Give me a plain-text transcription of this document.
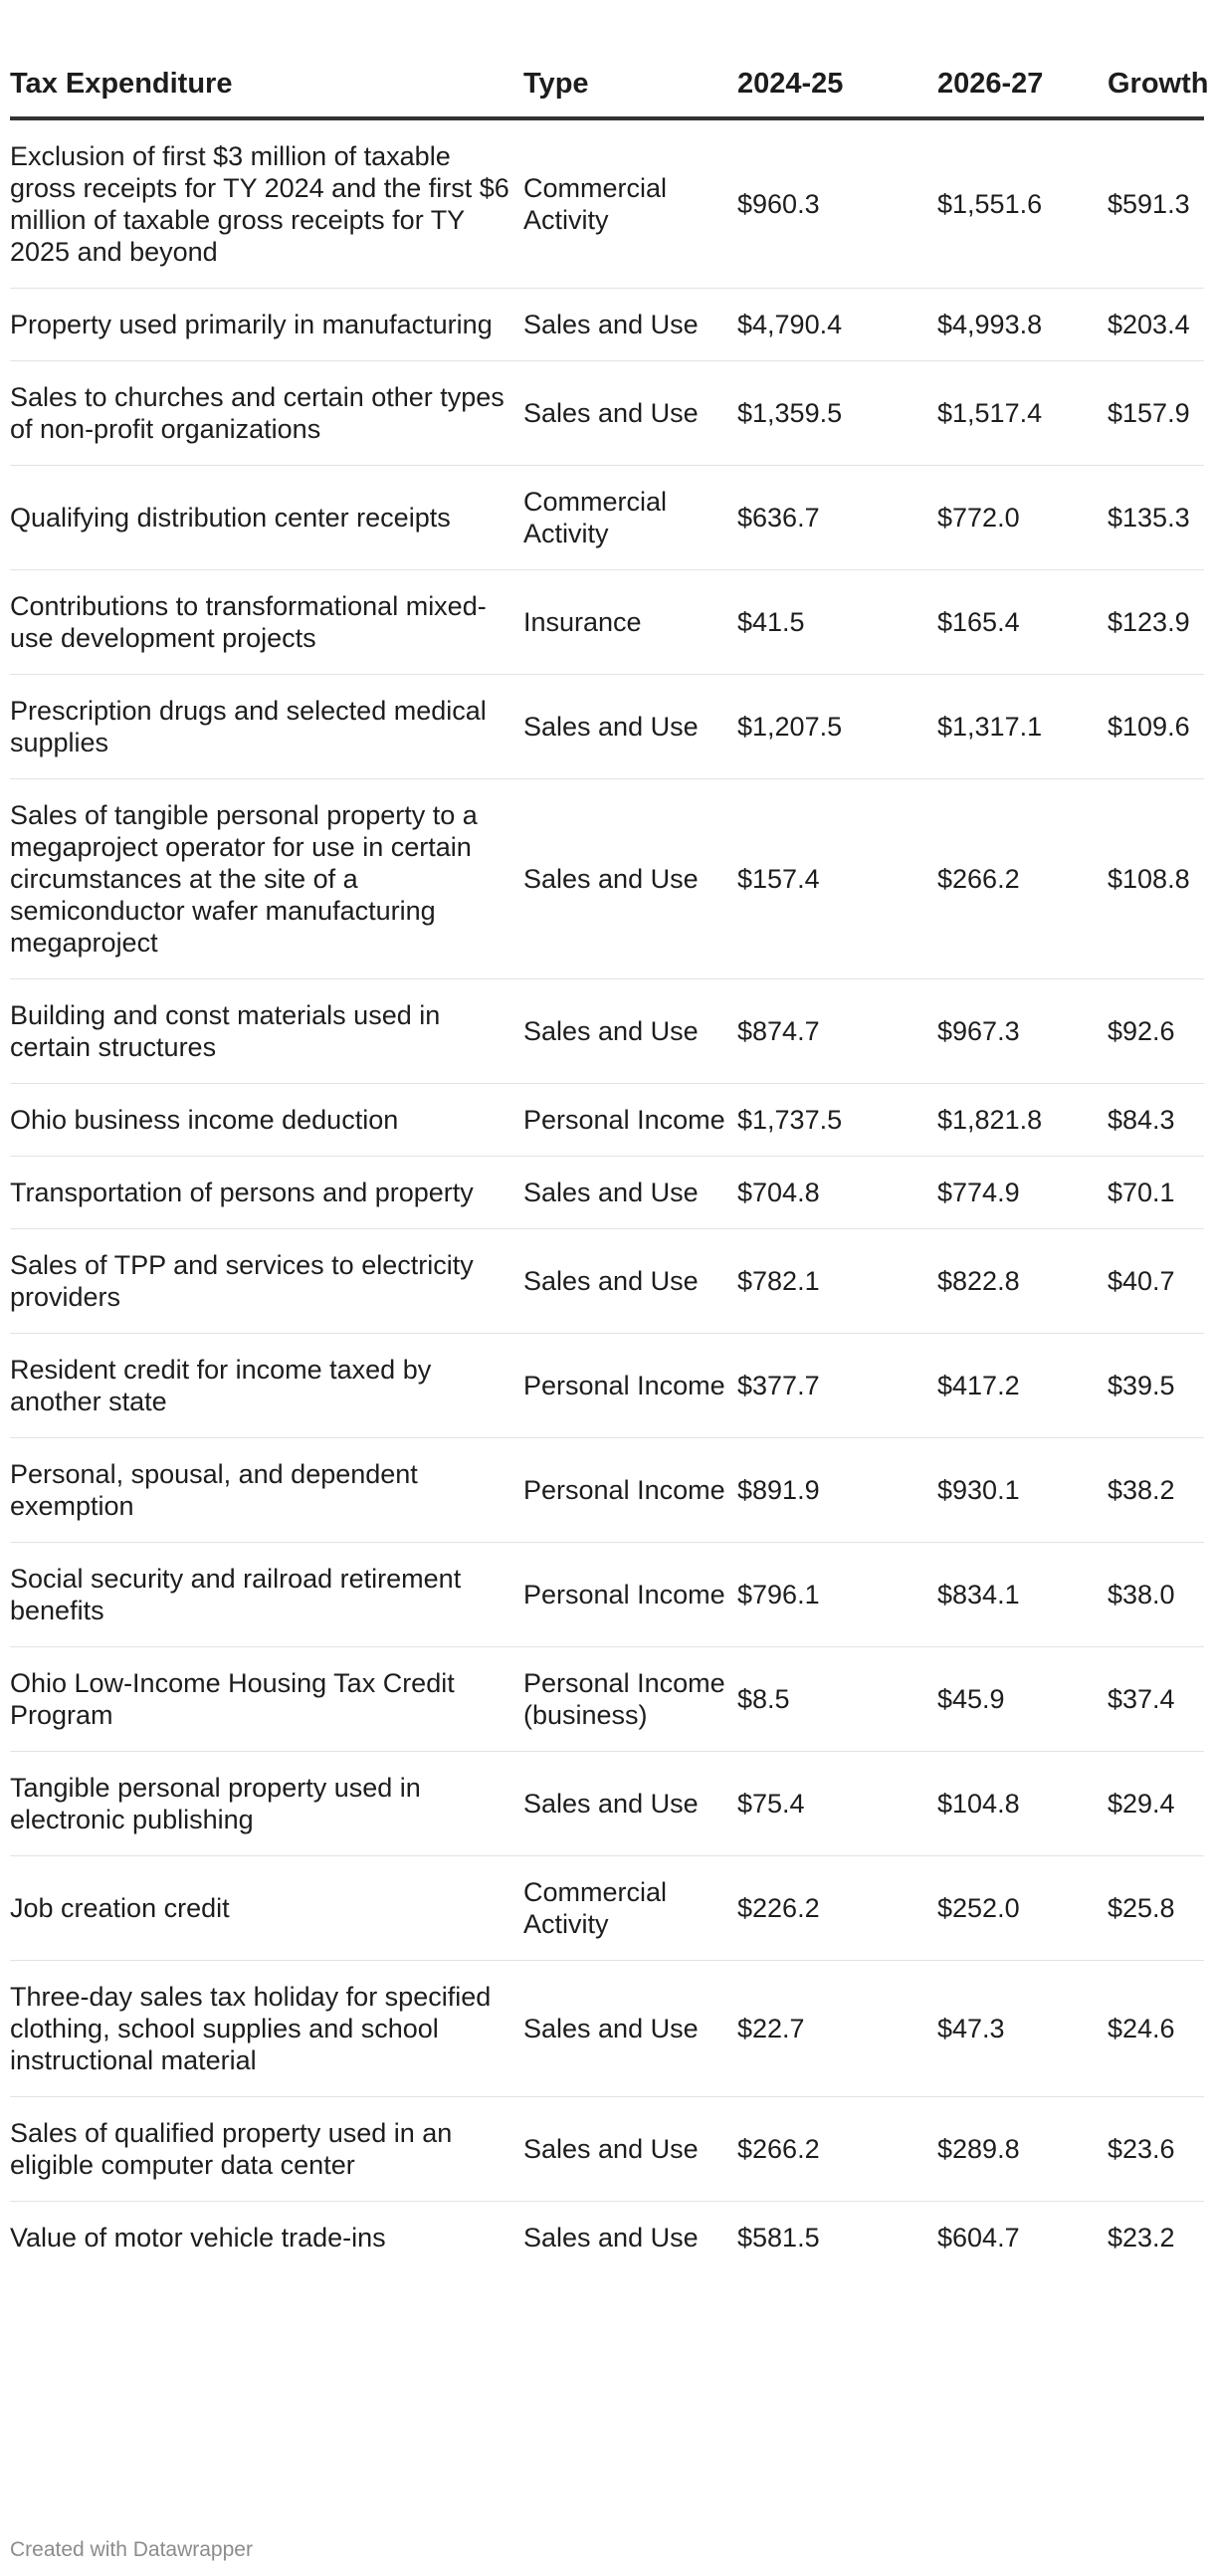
Tax Expenditure	Type	2024-25	2026-27	Growth
Exclusion of first $3 million of taxable gross receipts for TY 2024 and the first $6 million of taxable gross receipts for TY 2025 and beyond	Commercial Activity	$960.3	$1,551.6	$591.3
Property used primarily in manufacturing	Sales and Use	$4,790.4	$4,993.8	$203.4
Sales to churches and certain other types of non-profit organizations	Sales and Use	$1,359.5	$1,517.4	$157.9
Qualifying distribution center receipts	Commercial Activity	$636.7	$772.0	$135.3
Contributions to transformational mixed-use development projects	Insurance	$41.5	$165.4	$123.9
Prescription drugs and selected medical supplies	Sales and Use	$1,207.5	$1,317.1	$109.6
Sales of tangible personal property to a megaproject operator for use in certain circumstances at the site of a semiconductor wafer manufacturing megaproject	Sales and Use	$157.4	$266.2	$108.8
Building and const materials used in certain structures	Sales and Use	$874.7	$967.3	$92.6
Ohio business income deduction	Personal Income	$1,737.5	$1,821.8	$84.3
Transportation of persons and property	Sales and Use	$704.8	$774.9	$70.1
Sales of TPP and services to electricity providers	Sales and Use	$782.1	$822.8	$40.7
Resident credit for income taxed by another state	Personal Income	$377.7	$417.2	$39.5
Personal, spousal, and dependent exemption	Personal Income	$891.9	$930.1	$38.2
Social security and railroad retirement benefits	Personal Income	$796.1	$834.1	$38.0
Ohio Low-Income Housing Tax Credit Program	Personal Income (business)	$8.5	$45.9	$37.4
Tangible personal property used in electronic publishing	Sales and Use	$75.4	$104.8	$29.4
Job creation credit	Commercial Activity	$226.2	$252.0	$25.8
Three-day sales tax holiday for specified clothing, school supplies and school instructional material	Sales and Use	$22.7	$47.3	$24.6
Sales of qualified property used in an eligible computer data center	Sales and Use	$266.2	$289.8	$23.6
Value of motor vehicle trade-ins	Sales and Use	$581.5	$604.7	$23.2
Created with Datawrapper
